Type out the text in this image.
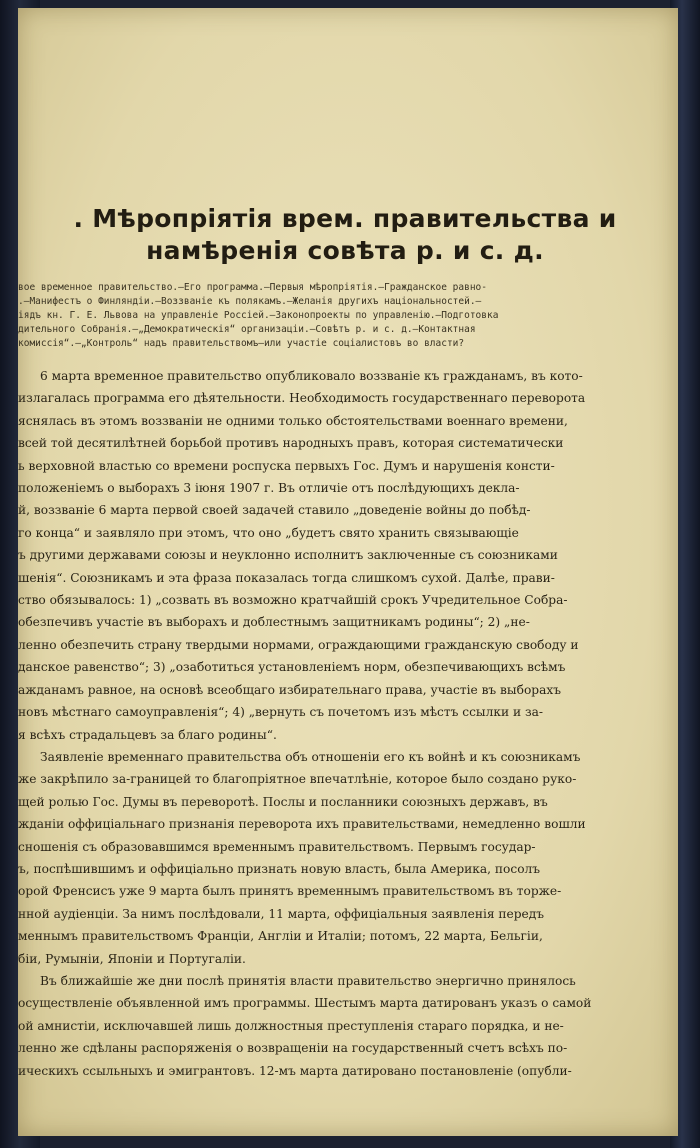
. Мѣропріятія врем. правительства и
намѣренія совѣта р. и с. д.
вое временное правительство.—Его программа.—Первыя мѣропріятія.—Гражданское равно-
.—Манифестъ о Финляндіи.—Воззваніе къ полякамъ.—Желанія другихъ національностей.—
іядъ кн. Г. Е. Львова на управленіе Россіей.—Законопроекты по управленію.—Подготовка
дительного Собранія.—„Демократическія“ организаціи.—Совѣтъ р. и с. д.—Контактная
комиссія“.—„Контроль“ надъ правительствомъ—или участіе соціалистовъ во власти?
6 марта временное правительство опубликовало воззваніе къ гражданамъ, въ кото-
излагалась программа его дѣятельности. Необходимость государственнаго переворота
яснялась въ этомъ воззваніи не одними только обстоятельствами военнаго времени,
всей той десятилѣтней борьбой противъ народныхъ правъ, которая систематически
ь верховной властью со времени роспуска первыхъ Гос. Думъ и нарушенія консти-
положеніемъ о выборахъ 3 іюня 1907 г. Въ отличіе отъ послѣдующихъ декла-
й, воззваніе 6 марта первой своей задачей ставило „доведеніе войны до побѣд-
го конца“ и заявляло при этомъ, что оно „будетъ свято хранить связывающіе
ъ другими державами союзы и неуклонно исполнитъ заключенные съ союзниками
шенія“. Союзникамъ и эта фраза показалась тогда слишкомъ сухой. Далѣе, прави-
ство обязывалось: 1) „созвать въ возможно кратчайшій срокъ Учредительное Собра-
обезпечивъ участіе въ выборахъ и доблестнымъ защитникамъ родины“; 2) „не-
ленно обезпечить страну твердыми нормами, ограждающими гражданскую свободу и
данское равенство“; 3) „озаботиться установленіемъ норм, обезпечивающихъ всѣмъ
ажданамъ равное, на основѣ всеобщаго избирательнаго права, участіе въ выборахъ
новъ мѣстнаго самоуправленія“; 4) „вернуть съ почетомъ изъ мѣстъ ссылки и за-
я всѣхъ страдальцевъ за благо родины“.
Заявленіе временнаго правительства объ отношеніи его къ войнѣ и къ союзникамъ
же закрѣпило за-границей то благопріятное впечатлѣніе, которое было создано руко-
щей ролью Гос. Думы въ переворотѣ. Послы и посланники союзныхъ державъ, въ
жданіи оффиціальнаго признанія переворота ихъ правительствами, немедленно вошли
сношенія съ образовавшимся временнымъ правительствомъ. Первымъ государ-
ъ, поспѣшившимъ и оффиціально признать новую власть, была Америка, посолъ
орой Френсисъ уже 9 марта былъ принятъ временнымъ правительствомъ въ торже-
нной аудіенціи. За нимъ послѣдовали, 11 марта, оффиціальныя заявленія передъ
меннымъ правительствомъ Франціи, Англіи и Италіи; потомъ, 22 марта, Бельгіи,
біи, Румыніи, Японіи и Португаліи.
Въ ближайшіе же дни послѣ принятія власти правительство энергично принялось
осуществленіе объявленной имъ программы. Шестымъ марта датированъ указъ о самой
ой амнистіи, исключавшей лишь должностныя преступленія стараго порядка, и не-
ленно же сдѣланы распоряженія о возвращеніи на государственный счетъ всѣхъ по-
ическихъ ссыльныхъ и эмигрантовъ. 12-мъ марта датировано постановленіе (опубли-
